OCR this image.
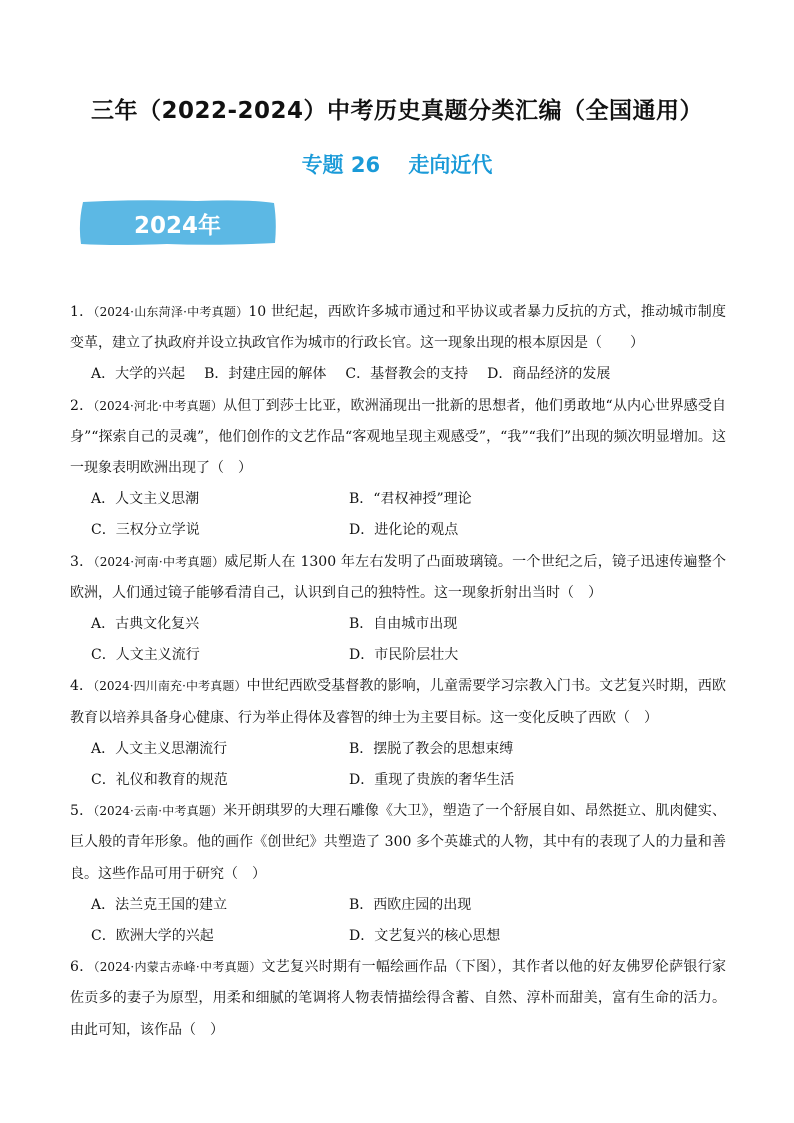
三年（2022-2024）中考历史真题分类汇编（全国通用）
专题 26　 走向近代
2024年

1．（2024·山东菏泽·中考真题）10 世纪起，西欧许多城市通过和平协议或者暴力反抗的方式，推动城市制度变革，建立了执政府并设立执政官作为城市的行政长官。这一现象出现的根本原因是（　　）

A．大学的兴起 B．封建庄园的解体 C．基督教会的支持 D．商品经济的发展

2．（2024·河北·中考真题）从但丁到莎士比亚，欧洲涌现出一批新的思想者，他们勇敢地“从内心世界感受自身”“探索自己的灵魂”，他们创作的文艺作品“客观地呈现主观感受”，“我”“我们”出现的频次明显增加。这一现象表明欧洲出现了（　）

A．人文主义思潮	B．“君权神授”理论
C．三权分立学说	D．进化论的观点

3．（2024·河南·中考真题）威尼斯人在 1300 年左右发明了凸面玻璃镜。一个世纪之后，镜子迅速传遍整个欧洲，人们通过镜子能够看清自己，认识到自己的独特性。这一现象折射出当时（　）

A．古典文化复兴	B．自由城市出现
C．人文主义流行	D．市民阶层壮大

4．（2024·四川南充·中考真题）中世纪西欧受基督教的影响，儿童需要学习宗教入门书。文艺复兴时期，西欧教育以培养具备身心健康、行为举止得体及睿智的绅士为主要目标。这一变化反映了西欧（　）

A．人文主义思潮流行	B．摆脱了教会的思想束缚
C．礼仪和教育的规范	D．重现了贵族的奢华生活

5．（2024·云南·中考真题）米开朗琪罗的大理石雕像《大卫》，塑造了一个舒展自如、昂然挺立、肌肉健实、巨人般的青年形象。他的画作《创世纪》共塑造了 300 多个英雄式的人物，其中有的表现了人的力量和善良。这些作品可用于研究（　）

A．法兰克王国的建立	B．西欧庄园的出现
C．欧洲大学的兴起	D．文艺复兴的核心思想

6．（2024·内蒙古赤峰·中考真题）文艺复兴时期有一幅绘画作品（下图），其作者以他的好友佛罗伦萨银行家佐贡多的妻子为原型，用柔和细腻的笔调将人物表情描绘得含蓄、自然、淳朴而甜美，富有生命的活力。由此可知，该作品（　）
